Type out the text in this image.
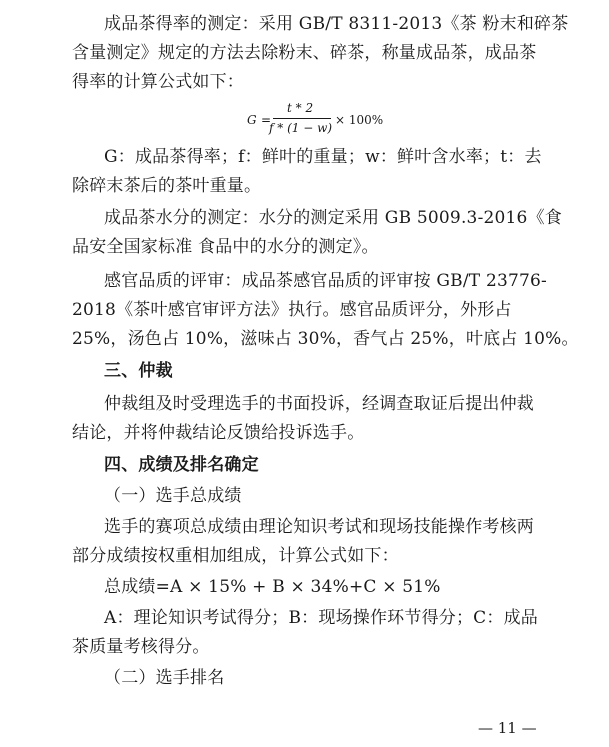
成品茶得率的测定：采用 GB/T 8311-2013《茶 粉末和碎茶
含量测定》规定的方法去除粉末、碎茶，称量成品茶，成品茶
得率的计算公式如下：
G =
t * 2
f * (1 − w)
× 100%
G：成品茶得率；f：鲜叶的重量；w：鲜叶含水率；t：去
除碎末茶后的茶叶重量。
成品茶水分的测定：水分的测定采用 GB 5009.3-2016《食
品安全国家标准 食品中的水分的测定》。
感官品质的评审：成品茶感官品质的评审按 GB/T 23776-
2018《茶叶感官审评方法》执行。感官品质评分，外形占
25%，汤色占 10%，滋味占 30%，香气占 25%，叶底占 10%。
三、仲裁
仲裁组及时受理选手的书面投诉，经调查取证后提出仲裁
结论，并将仲裁结论反馈给投诉选手。
四、成绩及排名确定
（一）选手总成绩
选手的赛项总成绩由理论知识考试和现场技能操作考核两
部分成绩按权重相加组成，计算公式如下：
总成绩=A × 15% + B × 34%+C × 51%
A：理论知识考试得分；B：现场操作环节得分；C：成品
茶质量考核得分。
（二）选手排名
— 11 —
